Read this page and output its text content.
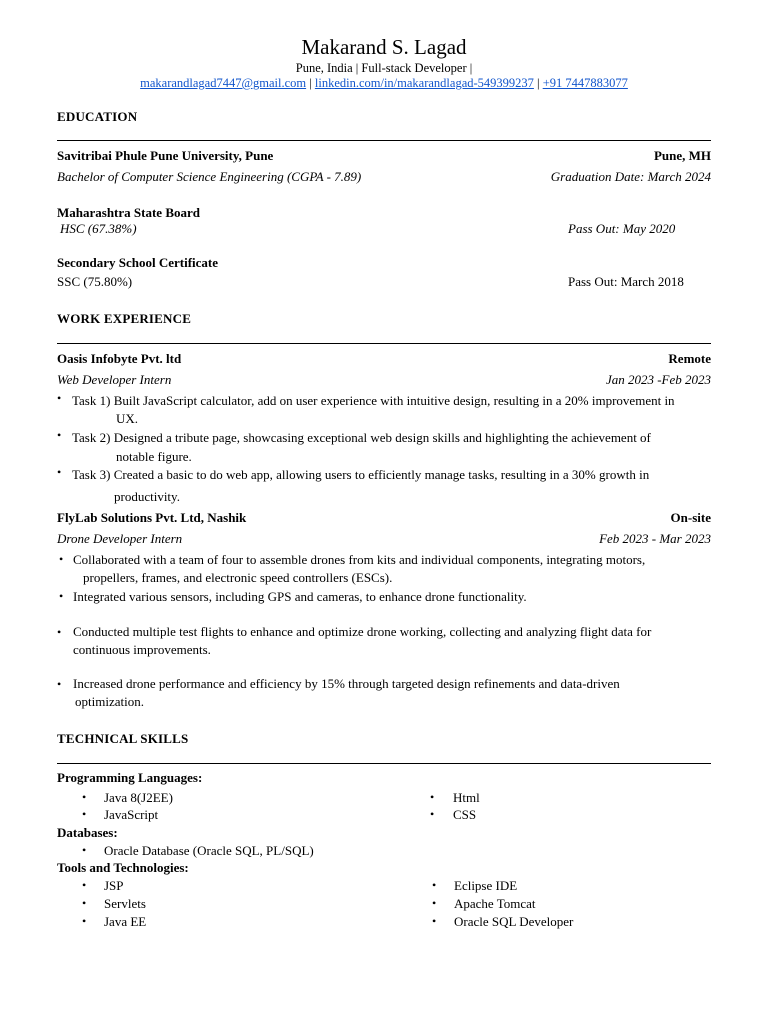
Makarand S. Lagad
Pune, India | Full-stack Developer |
makarandlagad7447@gmail.com | linkedin.com/in/makarandlagad-549399237 | +91 7447883077
EDUCATION
Savitribai Phule Pune University, Pune	Pune, MH
Bachelor of Computer Science Engineering (CGPA - 7.89)	Graduation Date: March 2024
Maharashtra State Board
HSC (67.38%)	Pass Out: May 2020
Secondary School Certificate
SSC (75.80%)	Pass Out: March 2018
WORK EXPERIENCE
Oasis Infobyte Pvt. ltd	Remote
Web Developer Intern	Jan 2023 -Feb 2023
• Task 1) Built JavaScript calculator, add on user experience with intuitive design, resulting in a 20% improvement in
UX.
• Task 2) Designed a tribute page, showcasing exceptional web design skills and highlighting the achievement of
notable figure.
• Task 3) Created a basic to do web app, allowing users to efficiently manage tasks, resulting in a 30% growth in
productivity.
FlyLab Solutions Pvt. Ltd, Nashik	On-site
Drone Developer Intern	Feb 2023 - Mar 2023
• Collaborated with a team of four to assemble drones from kits and individual components, integrating motors,
propellers, frames, and electronic speed controllers (ESCs).
• Integrated various sensors, including GPS and cameras, to enhance drone functionality.
• Conducted multiple test flights to enhance and optimize drone working, collecting and analyzing flight data for
continuous improvements.
• Increased drone performance and efficiency by 15% through targeted design refinements and data-driven
optimization.
TECHNICAL SKILLS
Programming Languages:
• Java 8(J2EE)
• JavaScript
• Html
• CSS
Databases:
• Oracle Database (Oracle SQL, PL/SQL)
Tools and Technologies:
• JSP
• Servlets
• Java EE
• Eclipse IDE
• Apache Tomcat
• Oracle SQL Developer
